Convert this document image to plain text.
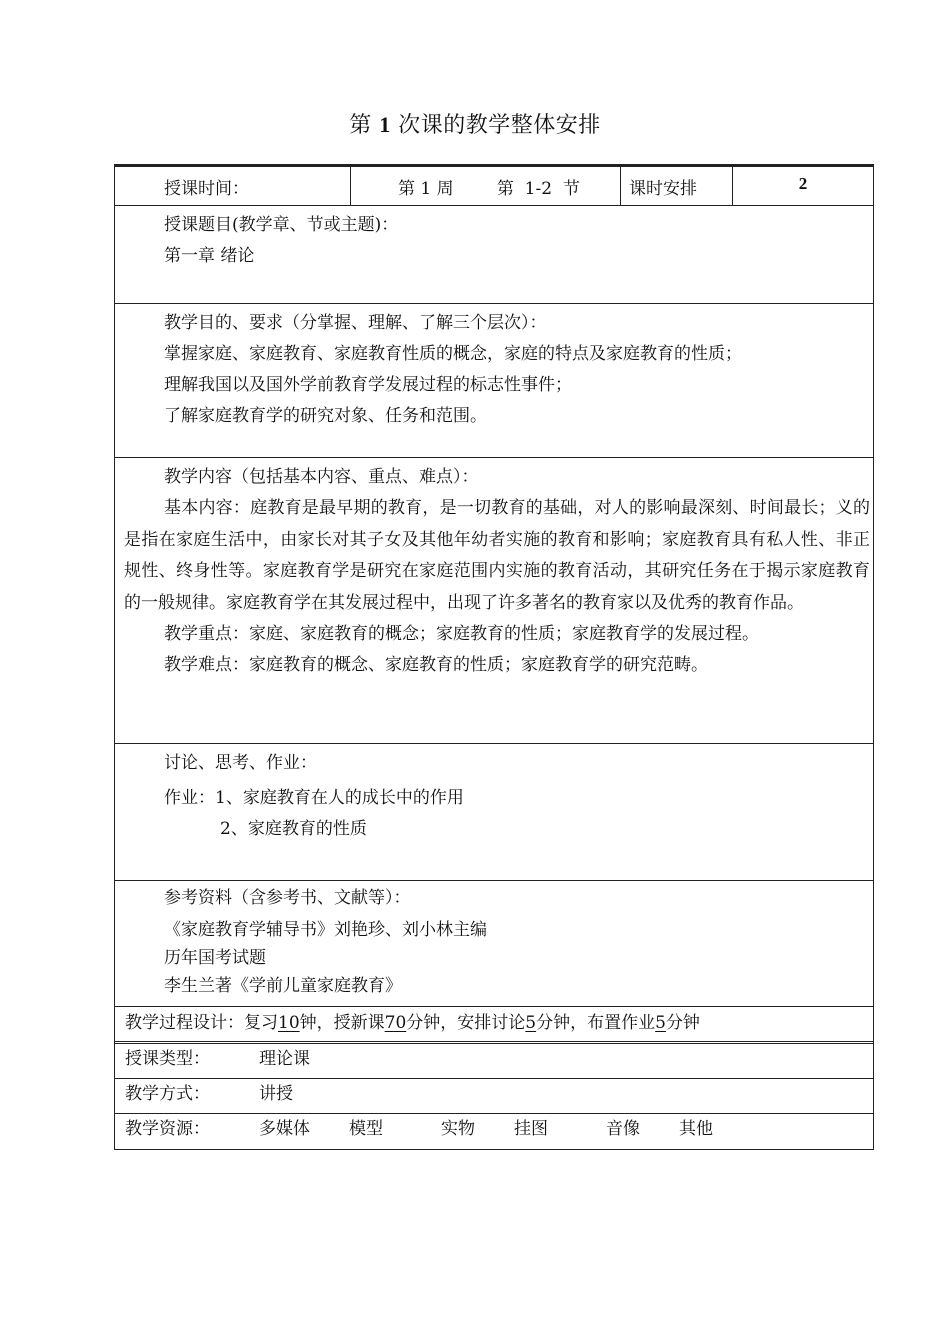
第 1 次课的教学整体安排
授课时间：	第 1 周        第  1-2  节	课时安排	2
授课题目(教学章、节或主题)：
第一章 绪论
教学目的、要求（分掌握、理解、了解三个层次）：
掌握家庭、家庭教育、家庭教育性质的概念，家庭的特点及家庭教育的性质；
理解我国以及国外学前教育学发展过程的标志性事件；
了解家庭教育学的研究对象、任务和范围。
教学内容（包括基本内容、重点、难点）：
基本内容：庭教育是最早期的教育，是一切教育的基础，对人的影响最深刻、时间最长；义的是指在家庭生活中，由家长对其子女及其他年幼者实施的教育和影响；家庭教育具有私人性、非正规性、终身性等。家庭教育学是研究在家庭范围内实施的教育活动，其研究任务在于揭示家庭教育的一般规律。家庭教育学在其发展过程中，出现了许多著名的教育家以及优秀的教育作品。
教学重点：家庭、家庭教育的概念；家庭教育的性质；家庭教育学的发展过程。
教学难点：家庭教育的概念、家庭教育的性质；家庭教育学的研究范畴。
讨论、思考、作业：
作业：1、家庭教育在人的成长中的作用
2、家庭教育的性质
参考资料（含参考书、文献等）：
《家庭教育学辅导书》刘艳珍、刘小林主编
历年国考试题
李生兰著《学前儿童家庭教育》
教学过程设计：复习10钟，授新课70分钟，安排讨论5分钟，布置作业5分钟
授课类型：	理论课
教学方式：	讲授
教学资源：	多媒体 模型	实物 挂图	音像 其他
